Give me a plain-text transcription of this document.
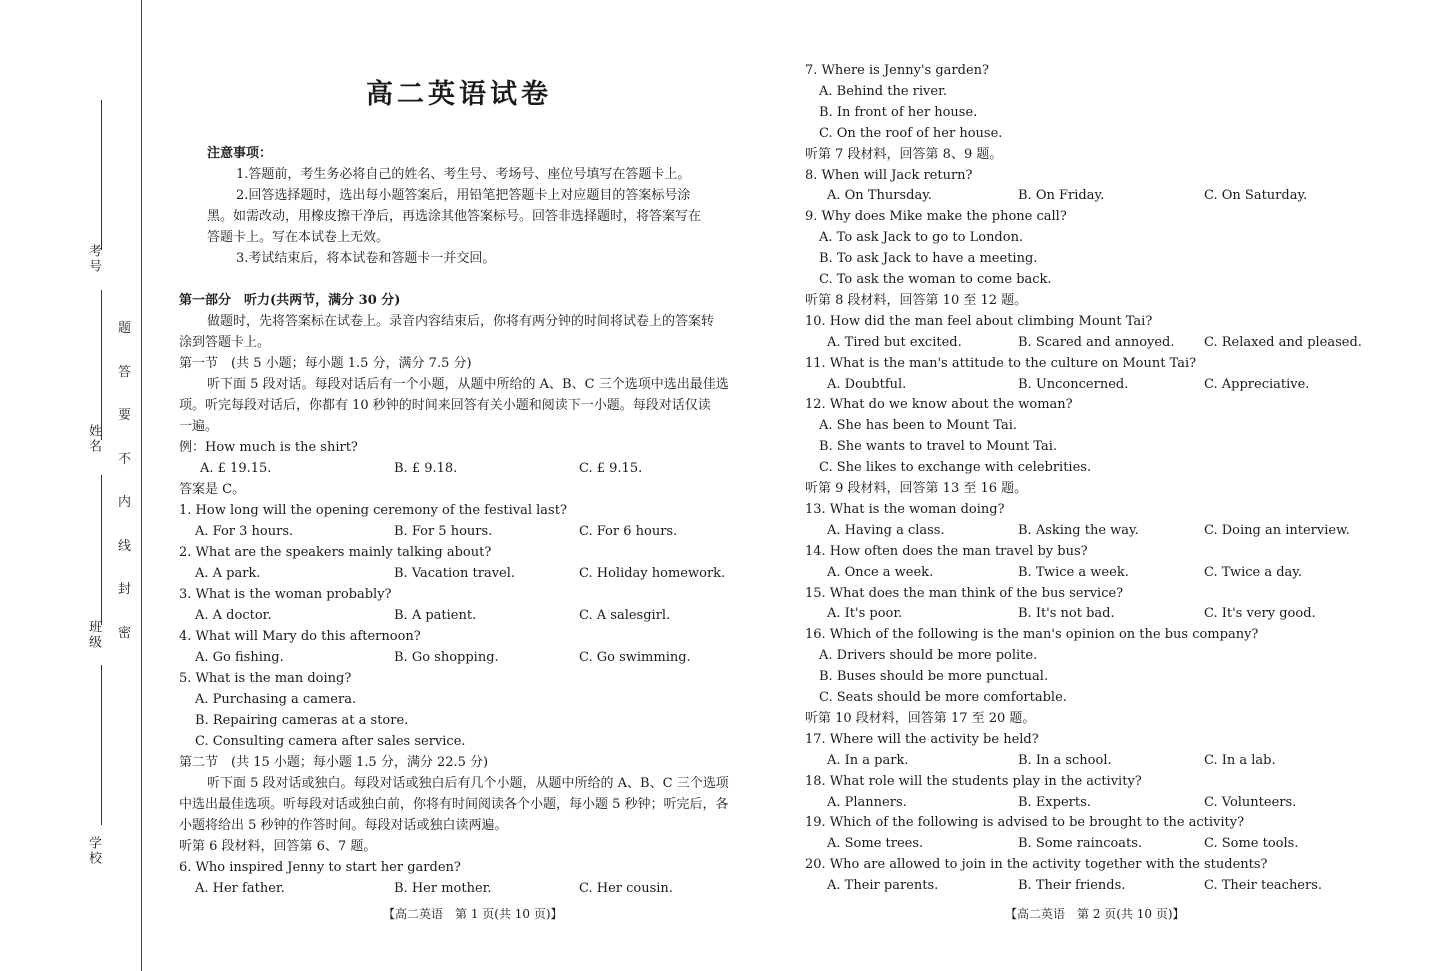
考号
姓名
班级
学校
题
答
要
不
内
线
封
密
高二英语试卷
注意事项：
1.答题前，考生务必将自己的姓名、考生号、考场号、座位号填写在答题卡上。
2.回答选择题时，选出每小题答案后，用铅笔把答题卡上对应题目的答案标号涂
黑。如需改动，用橡皮擦干净后，再选涂其他答案标号。回答非选择题时，将答案写在
答题卡上。写在本试卷上无效。
3.考试结束后，将本试卷和答题卡一并交回。
第一部分　听力(共两节，满分 30 分)
做题时，先将答案标在试卷上。录音内容结束后，你将有两分钟的时间将试卷上的答案转
涂到答题卡上。
第一节　(共 5 小题；每小题 1.5 分，满分 7.5 分)
听下面 5 段对话。每段对话后有一个小题，从题中所给的 A、B、C 三个选项中选出最佳选
项。听完每段对话后，你都有 10 秒钟的时间来回答有关小题和阅读下一小题。每段对话仅读
一遍。
例：How much is the shirt?
A. £ 19.15.	B. £ 9.18.	C. £ 9.15.
答案是 C。
1. How long will the opening ceremony of the festival last?
A. For 3 hours.	B. For 5 hours.	C. For 6 hours.
2. What are the speakers mainly talking about?
A. A park.	B. Vacation travel.	C. Holiday homework.
3. What is the woman probably?
A. A doctor.	B. A patient.	C. A salesgirl.
4. What will Mary do this afternoon?
A. Go fishing.	B. Go shopping.	C. Go swimming.
5. What is the man doing?
A. Purchasing a camera.
B. Repairing cameras at a store.
C. Consulting camera after sales service.
第二节　(共 15 小题；每小题 1.5 分，满分 22.5 分)
听下面 5 段对话或独白。每段对话或独白后有几个小题，从题中所给的 A、B、C 三个选项
中选出最佳选项。听每段对话或独白前，你将有时间阅读各个小题，每小题 5 秒钟；听完后，各
小题将给出 5 秒钟的作答时间。每段对话或独白读两遍。
听第 6 段材料，回答第 6、7 题。
6. Who inspired Jenny to start her garden?
A. Her father.	B. Her mother.	C. Her cousin.
【高二英语　第 1 页(共 10 页)】
7. Where is Jenny's garden?
A. Behind the river.
B. In front of her house.
C. On the roof of her house.
听第 7 段材料，回答第 8、9 题。
8. When will Jack return?
A. On Thursday.	B. On Friday.	C. On Saturday.
9. Why does Mike make the phone call?
A. To ask Jack to go to London.
B. To ask Jack to have a meeting.
C. To ask the woman to come back.
听第 8 段材料，回答第 10 至 12 题。
10. How did the man feel about climbing Mount Tai?
A. Tired but excited.	B. Scared and annoyed. C. Relaxed and pleased.
11. What is the man's attitude to the culture on Mount Tai?
A. Doubtful.	B. Unconcerned.	C. Appreciative.
12. What do we know about the woman?
A. She has been to Mount Tai.
B. She wants to travel to Mount Tai.
C. She likes to exchange with celebrities.
听第 9 段材料，回答第 13 至 16 题。
13. What is the woman doing?
A. Having a class.	B. Asking the way.	C. Doing an interview.
14. How often does the man travel by bus?
A. Once a week.	B. Twice a week.	C. Twice a day.
15. What does the man think of the bus service?
A. It's poor.	B. It's not bad.	C. It's very good.
16. Which of the following is the man's opinion on the bus company?
A. Drivers should be more polite.
B. Buses should be more punctual.
C. Seats should be more comfortable.
听第 10 段材料，回答第 17 至 20 题。
17. Where will the activity be held?
A. In a park.	B. In a school.	C. In a lab.
18. What role will the students play in the activity?
A. Planners.	B. Experts.	C. Volunteers.
19. Which of the following is advised to be brought to the activity?
A. Some trees.	B. Some raincoats.	C. Some tools.
20. Who are allowed to join in the activity together with the students?
A. Their parents.	B. Their friends.	C. Their teachers.
【高二英语　第 2 页(共 10 页)】
